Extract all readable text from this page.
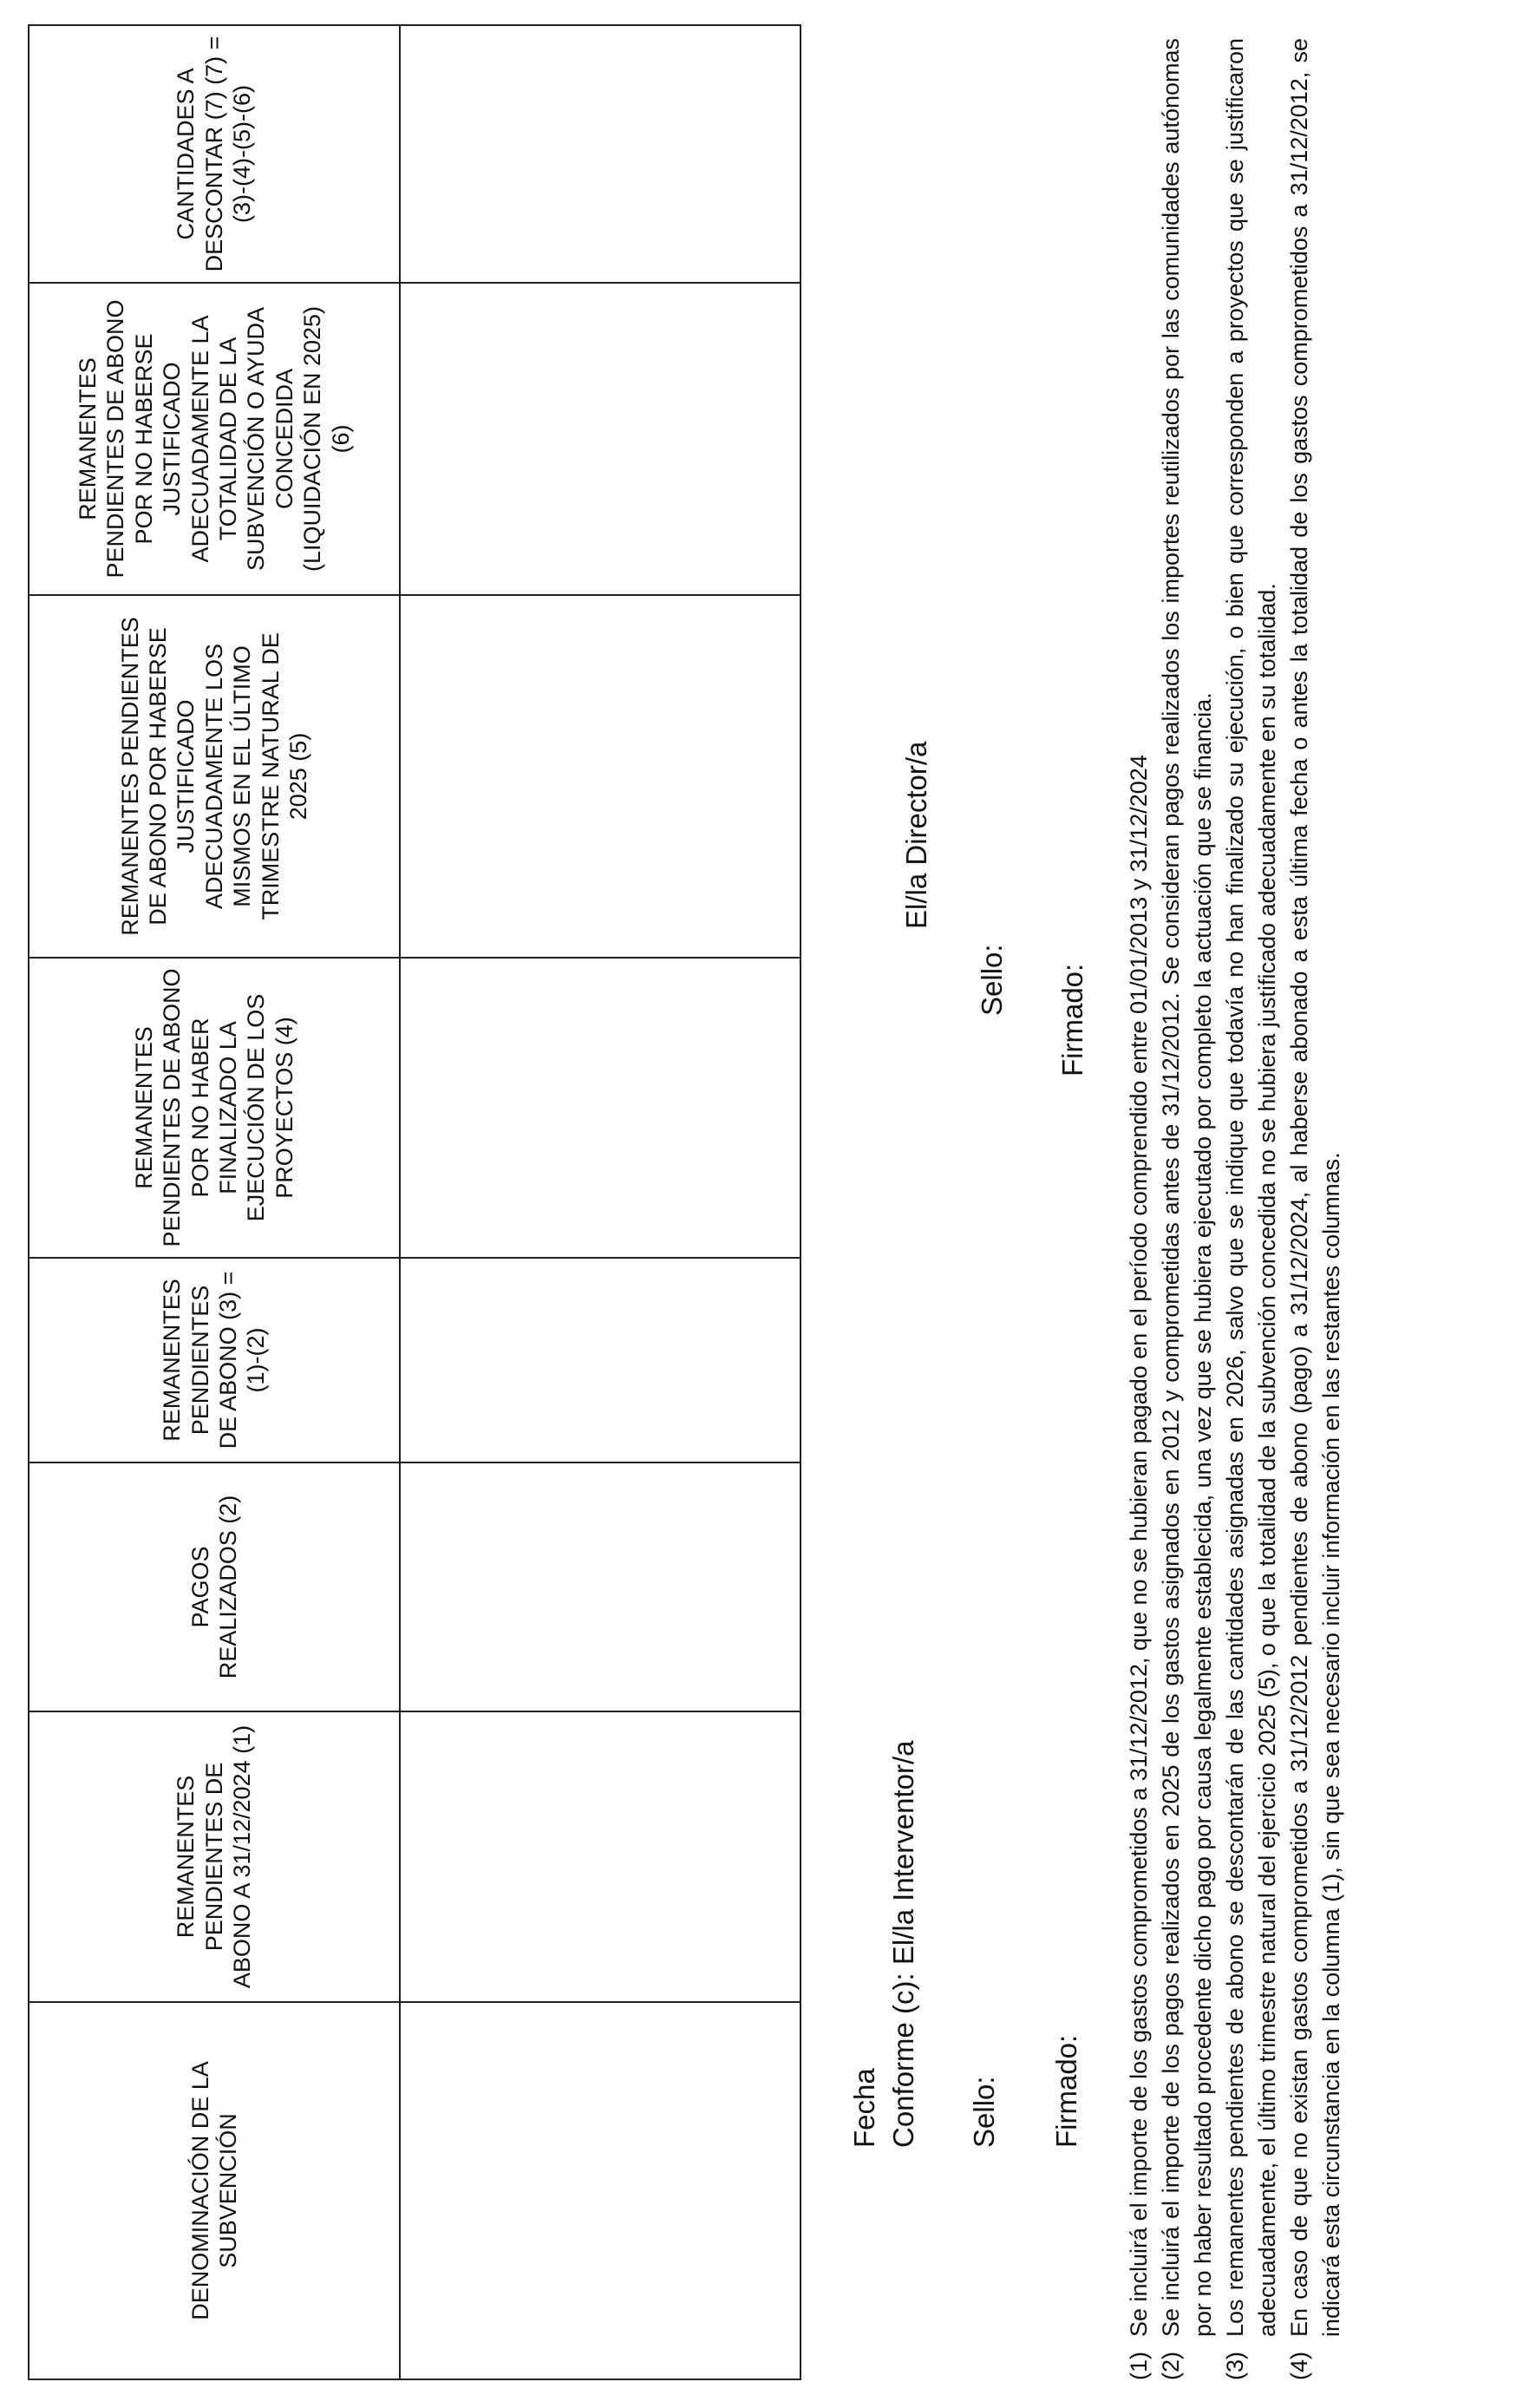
DENOMINACIÓN DE LA SUBVENCIÓN	REMANENTES PENDIENTES DE ABONO A 31/12/2024 (1)	PAGOS REALIZADOS (2)	REMANENTES PENDIENTES DE ABONO (3) =(1)-(2)	REMANENTES PENDIENTES DE ABONO POR NO HABER FINALIZADO LA EJECUCIÓN DE LOS PROYECTOS (4)	REMANENTES PENDIENTES DE ABONO POR HABERSE JUSTIFICADO ADECUADAMENTE LOS MISMOS EN EL ÚLTIMO TRIMESTRE NATURAL DE 2025 (5)	REMANENTES PENDIENTES DE ABONO POR NO HABERSE JUSTIFICADO ADECUADAMENTE LA TOTALIDAD DE LA SUBVENCIÓN O AYUDA CONCEDIDA (LIQUIDACIÓN EN 2025) (6)	CANTIDADES A DESCONTAR (7) (7) = (3)-(4)-(5)-(6)

Fecha Conforme (c): El/la Interventor/a Sello: Firmado:
El/la Director/a
Sello: Firmado:
(1)
Se incluirá el importe de los gastos comprometidos a 31/12/2012, que no se hubieran pagado en el período comprendido entre 01/01/2013 y 31/12/2024
(2)
Se incluirá el importe de los pagos realizados en 2025 de los gastos asignados en 2012 y comprometidas antes de 31/12/2012. Se consideran pagos realizados los importes reutilizados por las comunidades autónomas por no haber resultado procedente dicho pago por causa legalmente establecida, una vez que se hubiera ejecutado por completo la actuación que se financia.
(3)
Los remanentes pendientes de abono se descontarán de las cantidades asignadas en 2026, salvo que se indique que todavía no han finalizado su ejecución, o bien que corresponden a proyectos que se justificaron adecuadamente, el último trimestre natural del ejercicio 2025 (5), o que la totalidad de la subvención concedida no se hubiera justificado adecuadamente en su totalidad.
(4)
En caso de que no existan gastos comprometidos a 31/12/2012 pendientes de abono (pago) a 31/12/2024, al haberse abonado a esta última fecha o antes la totalidad de los gastos comprometidos a 31/12/2012, se indicará esta circunstancia en la columna (1), sin que sea necesario incluir información en las restantes columnas.
